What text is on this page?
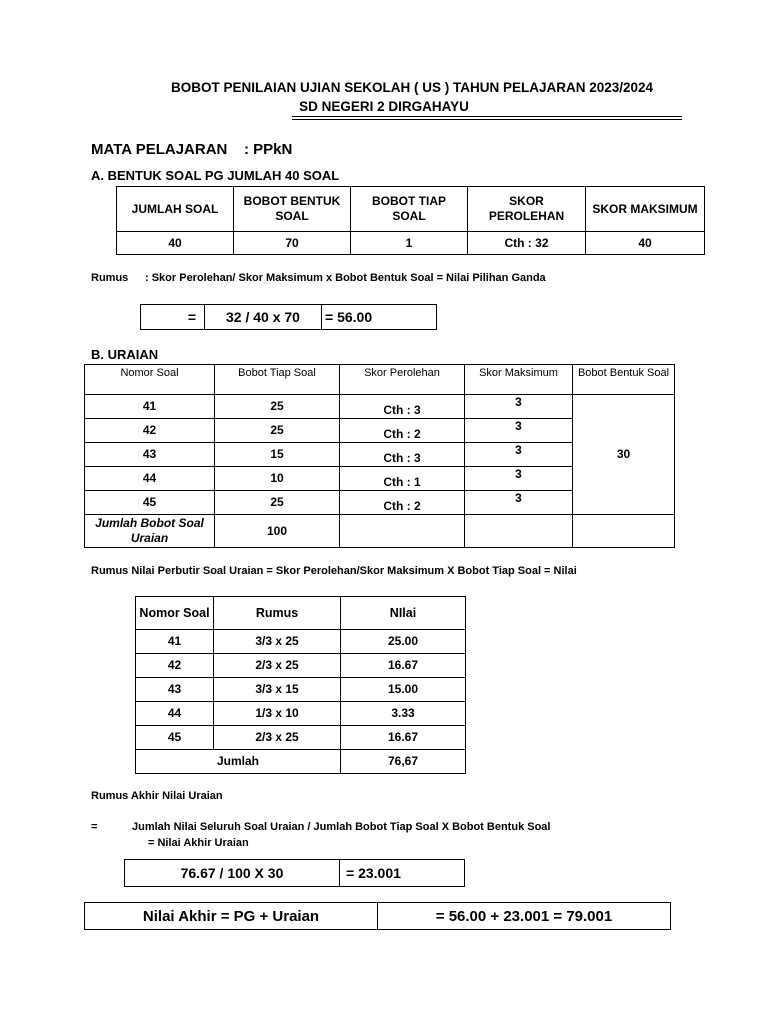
BOBOT PENILAIAN UJIAN SEKOLAH ( US ) TAHUN PELAJARAN 2023/2024
SD NEGERI 2 DIRGAHAYU
MATA PELAJARAN : PPkN
A. BENTUK SOAL PG JUMLAH 40 SOAL
JUMLAH SOAL	BOBOT BENTUK SOAL	BOBOT TIAP SOAL	SKOR PEROLEHAN	SKOR MAKSIMUM
40	70	1	Cth : 32	40
Rumus : Skor Perolehan/ Skor Maksimum x Bobot Bentuk Soal = Nilai Pilihan Ganda
=	32 / 40 x 70	= 56.00
B. URAIAN
Nomor Soal	Bobot Tiap Soal	Skor Perolehan	Skor Maksimum	Bobot Bentuk Soal
41	25	Cth : 3	3	30
42	25	Cth : 2	3	
43	15	Cth : 3	3	
44	10	Cth : 1	3	
45	25	Cth : 2	3	
Jumlah Bobot Soal Uraian	100			
Rumus Nilai Perbutir Soal Uraian = Skor Perolehan/Skor Maksimum X Bobot Tiap Soal = Nilai
Nomor Soal	Rumus	NIlai
41	3/3 x 25	25.00
42	2/3 x 25	16.67
43	3/3 x 15	15.00
44	1/3 x 10	3.33
45	2/3 x 25	16.67
Jumlah		76,67
Rumus Akhir Nilai Uraian
=	Jumlah Nilai Seluruh Soal Uraian / Jumlah Bobot Tiap Soal X Bobot Bentuk Soal
= Nilai Akhir Uraian
76.67 / 100 X 30	= 23.001
Nilai Akhir = PG + Uraian	= 56.00 + 23.001 = 79.001
